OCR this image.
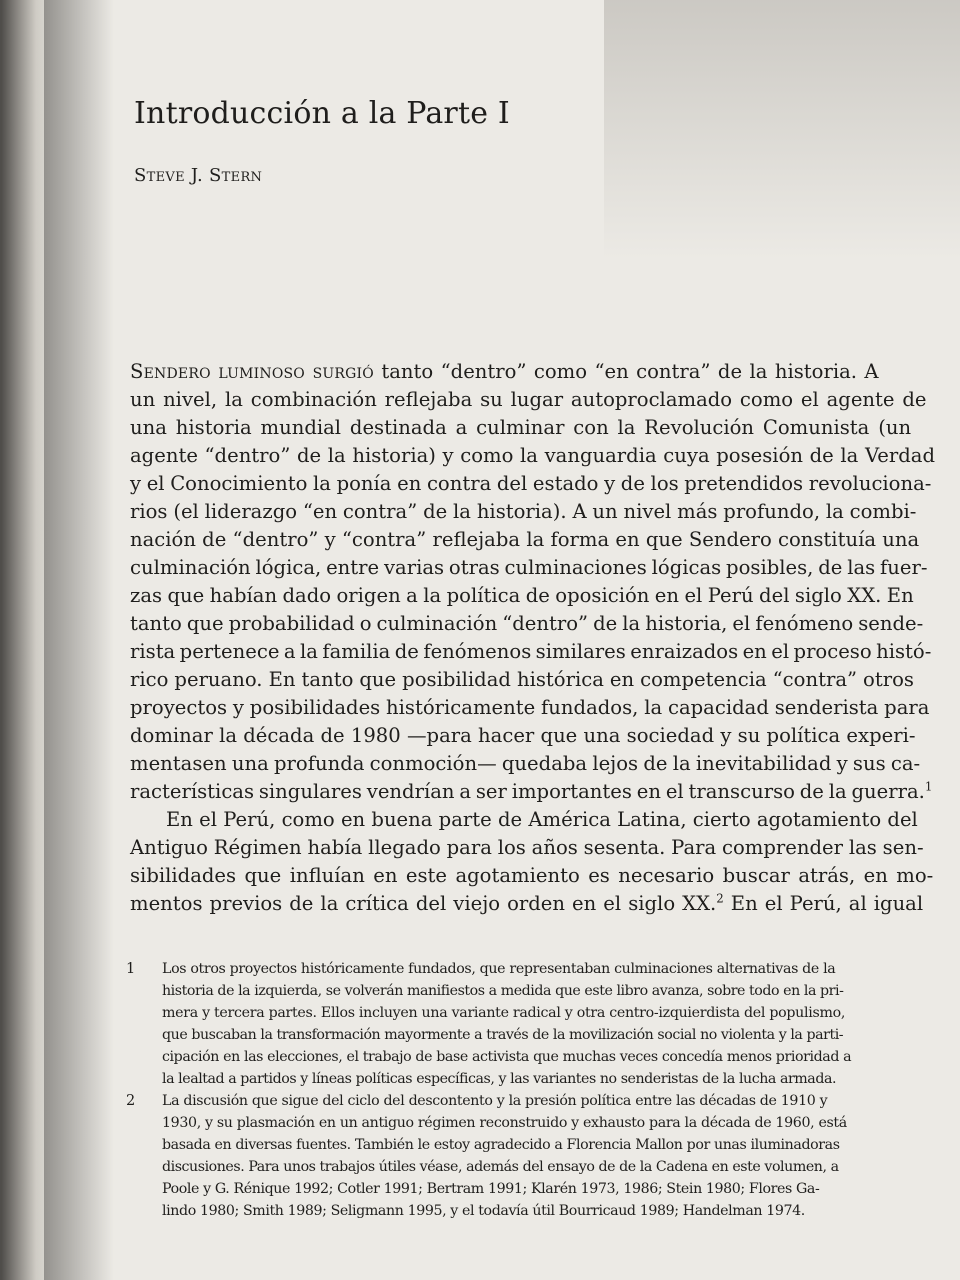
Introducción a la Parte I
Steve J. Stern
Sendero luminoso surgió tanto “dentro” como “en contra” de la historia. A
un nivel, la combinación reflejaba su lugar autoproclamado como el agente de
una historia mundial destinada a culminar con la Revolución Comunista (un
agente “dentro” de la historia) y como la vanguardia cuya posesión de la Verdad
y el Conocimiento la ponía en contra del estado y de los pretendidos revoluciona-
rios (el liderazgo “en contra” de la historia). A un nivel más profundo, la combi-
nación de “dentro” y “contra” reflejaba la forma en que Sendero constituía una
culminación lógica, entre varias otras culminaciones lógicas posibles, de las fuer-
zas que habían dado origen a la política de oposición en el Perú del siglo XX. En
tanto que probabilidad o culminación “dentro” de la historia, el fenómeno sende-
rista pertenece a la familia de fenómenos similares enraizados en el proceso histó-
rico peruano. En tanto que posibilidad histórica en competencia “contra” otros
proyectos y posibilidades históricamente fundados, la capacidad senderista para
dominar la década de 1980 —para hacer que una sociedad y su política experi-
mentasen una profunda conmoción— quedaba lejos de la inevitabilidad y sus ca-
racterísticas singulares vendrían a ser importantes en el transcurso de la guerra.$^1$
En el Perú, como en buena parte de América Latina, cierto agotamiento del
Antiguo Régimen había llegado para los años sesenta. Para comprender las sen-
sibilidades que influían en este agotamiento es necesario buscar atrás, en mo-
mentos previos de la crítica del viejo orden en el siglo XX.$^2$ En el Perú, al igual
1 Los otros proyectos históricamente fundados, que representaban culminaciones alternativas de la
historia de la izquierda, se volverán manifiestos a medida que este libro avanza, sobre todo en la pri-
mera y tercera partes. Ellos incluyen una variante radical y otra centro-izquierdista del populismo,
que buscaban la transformación mayormente a través de la movilización social no violenta y la parti-
cipación en las elecciones, el trabajo de base activista que muchas veces concedía menos prioridad a
la lealtad a partidos y líneas políticas específicas, y las variantes no senderistas de la lucha armada.
2 La discusión que sigue del ciclo del descontento y la presión política entre las décadas de 1910 y
1930, y su plasmación en un antiguo régimen reconstruido y exhausto para la década de 1960, está
basada en diversas fuentes. También le estoy agradecido a Florencia Mallon por unas iluminadoras
discusiones. Para unos trabajos útiles véase, además del ensayo de de la Cadena en este volumen, a
Poole y G. Rénique 1992; Cotler 1991; Bertram 1991; Klarén 1973, 1986; Stein 1980; Flores Ga-
lindo 1980; Smith 1989; Seligmann 1995, y el todavía útil Bourricaud 1989; Handelman 1974.
